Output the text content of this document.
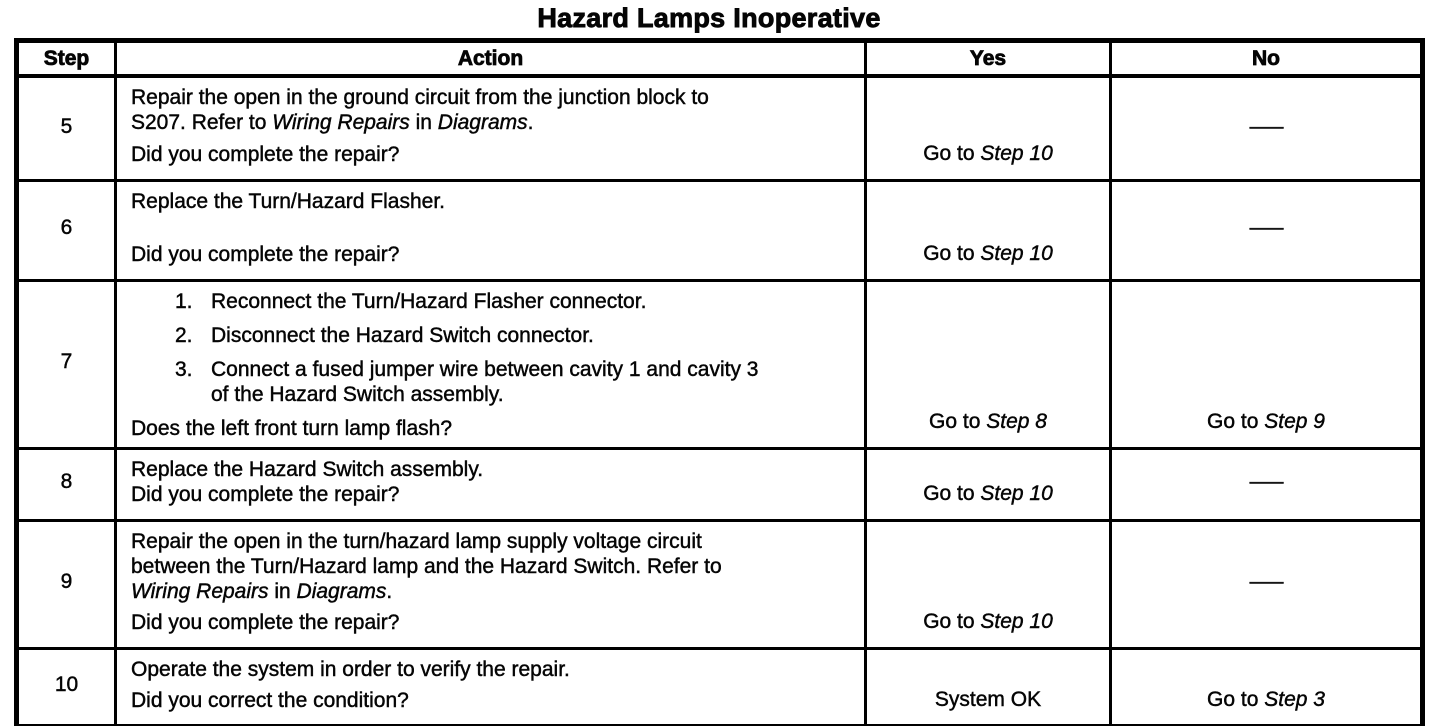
Hazard Lamps Inoperative
Step	Action	Yes	No

5	Repair the open in the ground circuit from the junction block to
S207. Refer to Wiring Repairs in Diagrams.
Did you complete the repair?	Go to Step 10	—

6	Replace the Turn/Hazard Flasher.
Did you complete the repair?	Go to Step 10	—

7

1. Reconnect the Turn/Hazard Flasher connector.
2. Disconnect the Hazard Switch connector.
3. Connect a fused jumper wire between cavity 1 and cavity 3
of the Hazard Switch assembly.
Does the left front turn lamp flash?	Go to Step 8	Go to Step 9

8	Replace the Hazard Switch assembly.
Did you complete the repair?	Go to Step 10	—

9	Repair the open in the turn/hazard lamp supply voltage circuit
between the Turn/Hazard lamp and the Hazard Switch. Refer to
Wiring Repairs in Diagrams.
Did you complete the repair?	Go to Step 10	—

10	Operate the system in order to verify the repair.
Did you correct the condition?	System OK	Go to Step 3
